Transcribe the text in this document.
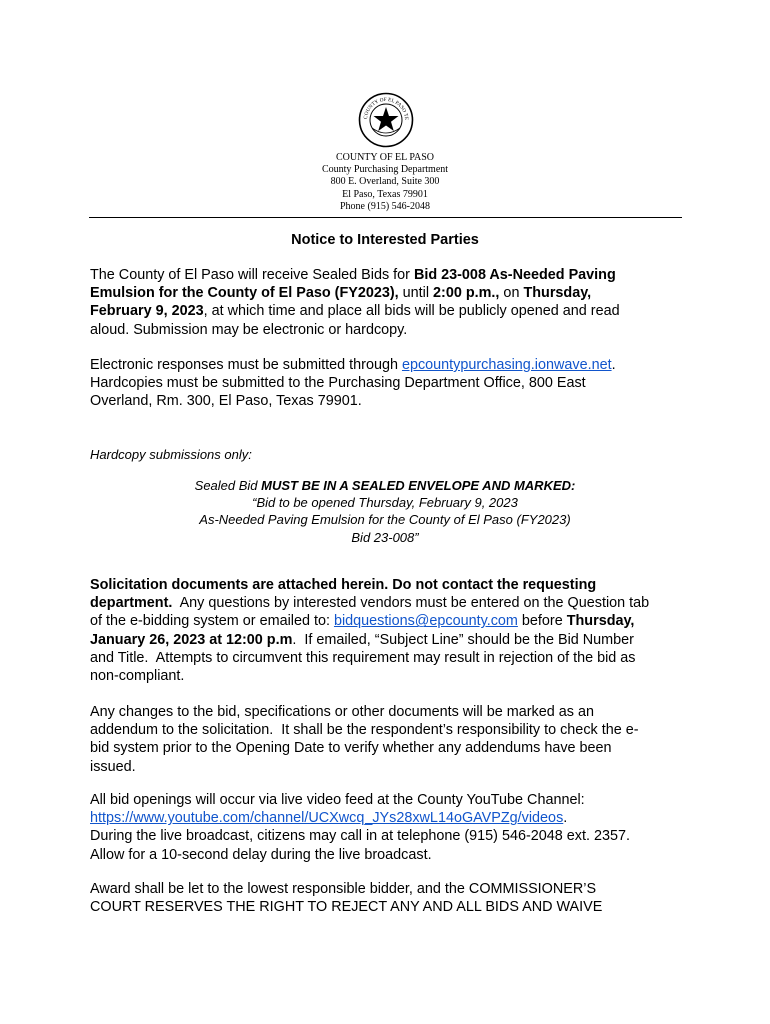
COUNTY OF EL PASO TE
COUNTY OF EL PASO
County Purchasing Department
800 E. Overland, Suite 300
El Paso, Texas 79901
Phone (915) 546-2048
Notice to Interested Parties
The County of El Paso will receive Sealed Bids for Bid 23-008 As-Needed Paving
Emulsion for the County of El Paso (FY2023), until 2:00 p.m., on Thursday,
February 9, 2023, at which time and place all bids will be publicly opened and read
aloud. Submission may be electronic or hardcopy.
Electronic responses must be submitted through epcountypurchasing.ionwave.net.
Hardcopies must be submitted to the Purchasing Department Office, 800 East
Overland, Rm. 300, El Paso, Texas 79901.
Hardcopy submissions only:
Sealed Bid MUST BE IN A SEALED ENVELOPE AND MARKED:
“Bid to be opened Thursday, February 9, 2023
As-Needed Paving Emulsion for the County of El Paso (FY2023)
Bid 23-008”
Solicitation documents are attached herein. Do not contact the requesting
department.  Any questions by interested vendors must be entered on the Question tab
of the e-bidding system or emailed to: bidquestions@epcounty.com before Thursday,
January 26, 2023 at 12:00 p.m.  If emailed, “Subject Line” should be the Bid Number
and Title.  Attempts to circumvent this requirement may result in rejection of the bid as
non-compliant.
Any changes to the bid, specifications or other documents will be marked as an
addendum to the solicitation.  It shall be the respondent’s responsibility to check the e-
bid system prior to the Opening Date to verify whether any addendums have been
issued.
All bid openings will occur via live video feed at the County YouTube Channel:
https://www.youtube.com/channel/UCXwcq_JYs28xwL14oGAVPZg/videos.
During the live broadcast, citizens may call in at telephone (915) 546-2048 ext. 2357.
Allow for a 10-second delay during the live broadcast.
Award shall be let to the lowest responsible bidder, and the COMMISSIONER’S
COURT RESERVES THE RIGHT TO REJECT ANY AND ALL BIDS AND WAIVE
